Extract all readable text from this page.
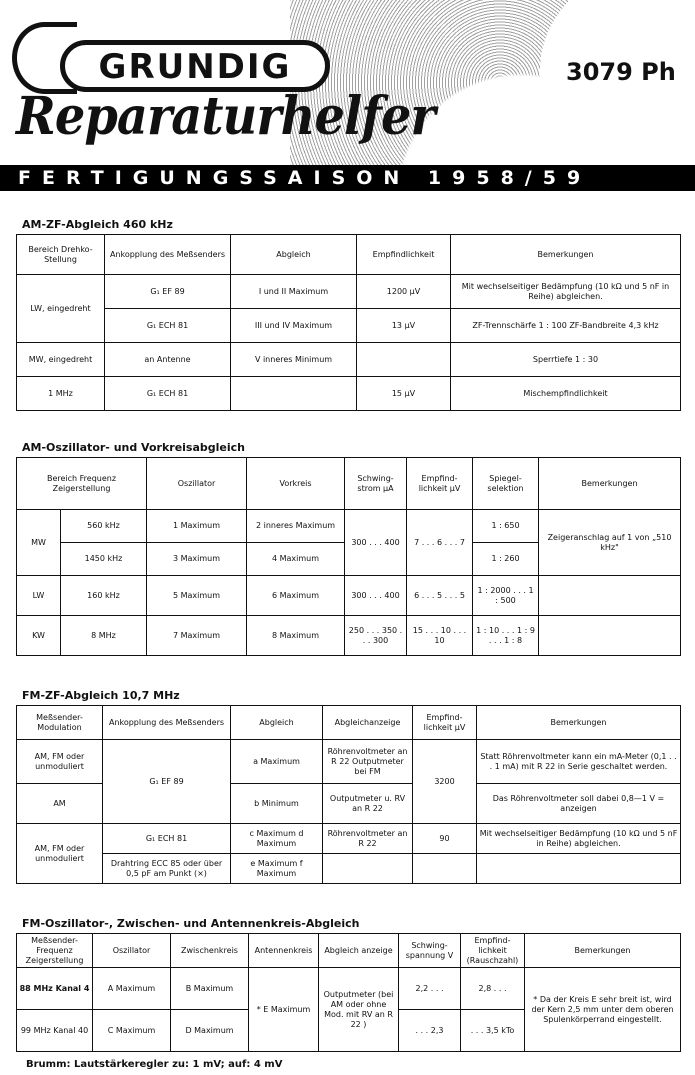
GRUNDIG
Reparaturhelfer
3079 Ph
FERTIGUNGSSAISON 1958/59
AM-ZF-Abgleich 460 kHz
Bereich Drehko-Stellung	Ankopplung des Meßsenders	Abgleich	Empfindlichkeit	Bemerkungen
LW, eingedreht	G₁ EF 89	I und II Maximum	1200 µV	Mit wechselseitiger Bedämpfung (10 kΩ und 5 nF in Reihe) abgleichen.
	G₁ ECH 81	III und IV Maximum	13 µV	ZF-Trennschärfe 1 : 100 ZF-Bandbreite 4,3 kHz
MW, eingedreht	an Antenne	V inneres Minimum		Sperrtiefe 1 : 30
1 MHz	G₁ ECH 81		15 µV	Mischempfindlichkeit
AM-Oszillator- und Vorkreisabgleich
Bereich Frequenz Zeigerstellung		Oszillator	Vorkreis	Schwing-strom µA	Empfind-lichkeit µV	Spiegel-selektion	Bemerkungen
MW	560 kHz	1 Maximum	2 inneres Maximum	300 . . . 400	7 . . . 6 . . . 7	1 : 650	Zeigeranschlag auf 1 von „510 kHz"
	1450 kHz	3 Maximum	4 Maximum			1 : 260	
LW	160 kHz	5 Maximum	6 Maximum	300 . . . 400	6 . . . 5 . . . 5	1 : 2000 . . . 1 : 500	
KW	8 MHz	7 Maximum	8 Maximum	250 . . . 350 . . . 300	15 . . . 10 . . . 10	1 : 10 . . . 1 : 9 . . . 1 : 8	
FM-ZF-Abgleich 10,7 MHz
Meßsender-Modulation	Ankopplung des Meßsenders	Abgleich	Abgleichanzeige	Empfind-lichkeit µV	Bemerkungen
AM, FM oder unmoduliert	G₁ EF 89	a Maximum	Röhrenvoltmeter an R 22 Outputmeter bei FM	3200	Statt Röhrenvoltmeter kann ein mA-Meter (0,1 . . . 1 mA) mit R 22 in Serie geschaltet werden.
AM		b Minimum	Outputmeter u. RV an R 22		Das Röhrenvoltmeter soll dabei 0,8—1 V = anzeigen
AM, FM oder unmoduliert	G₁ ECH 81	c Maximum d Maximum	Röhrenvoltmeter an R 22	90	Mit wechselseitiger Bedämpfung (10 kΩ und 5 nF in Reihe) abgleichen.
	Drahtring ECC 85 oder über 0,5 pF am Punkt (×)	e Maximum f Maximum			
FM-Oszillator-, Zwischen- und Antennenkreis-Abgleich
Meßsender-Frequenz Zeigerstellung	Oszillator	Zwischenkreis	Antennenkreis	Abgleich anzeige	Schwing-spannung V	Empfind-lichkeit (Rauschzahl)	Bemerkungen
88 MHz Kanal 4	A Maximum	B Maximum	* E Maximum	Outputmeter (bei AM oder ohne Mod. mit RV an R 22 )	2,2 . . .	2,8 . . .	* Da der Kreis E sehr breit ist, wird der Kern 2,5 mm unter dem oberen Spulenkörperrand eingestellt.
99 MHz Kanal 40	C Maximum	D Maximum			. . . 2,3	. . . 3,5 kTo	
Brumm: Lautstärkeregler zu: 1 mV; auf: 4 mV
